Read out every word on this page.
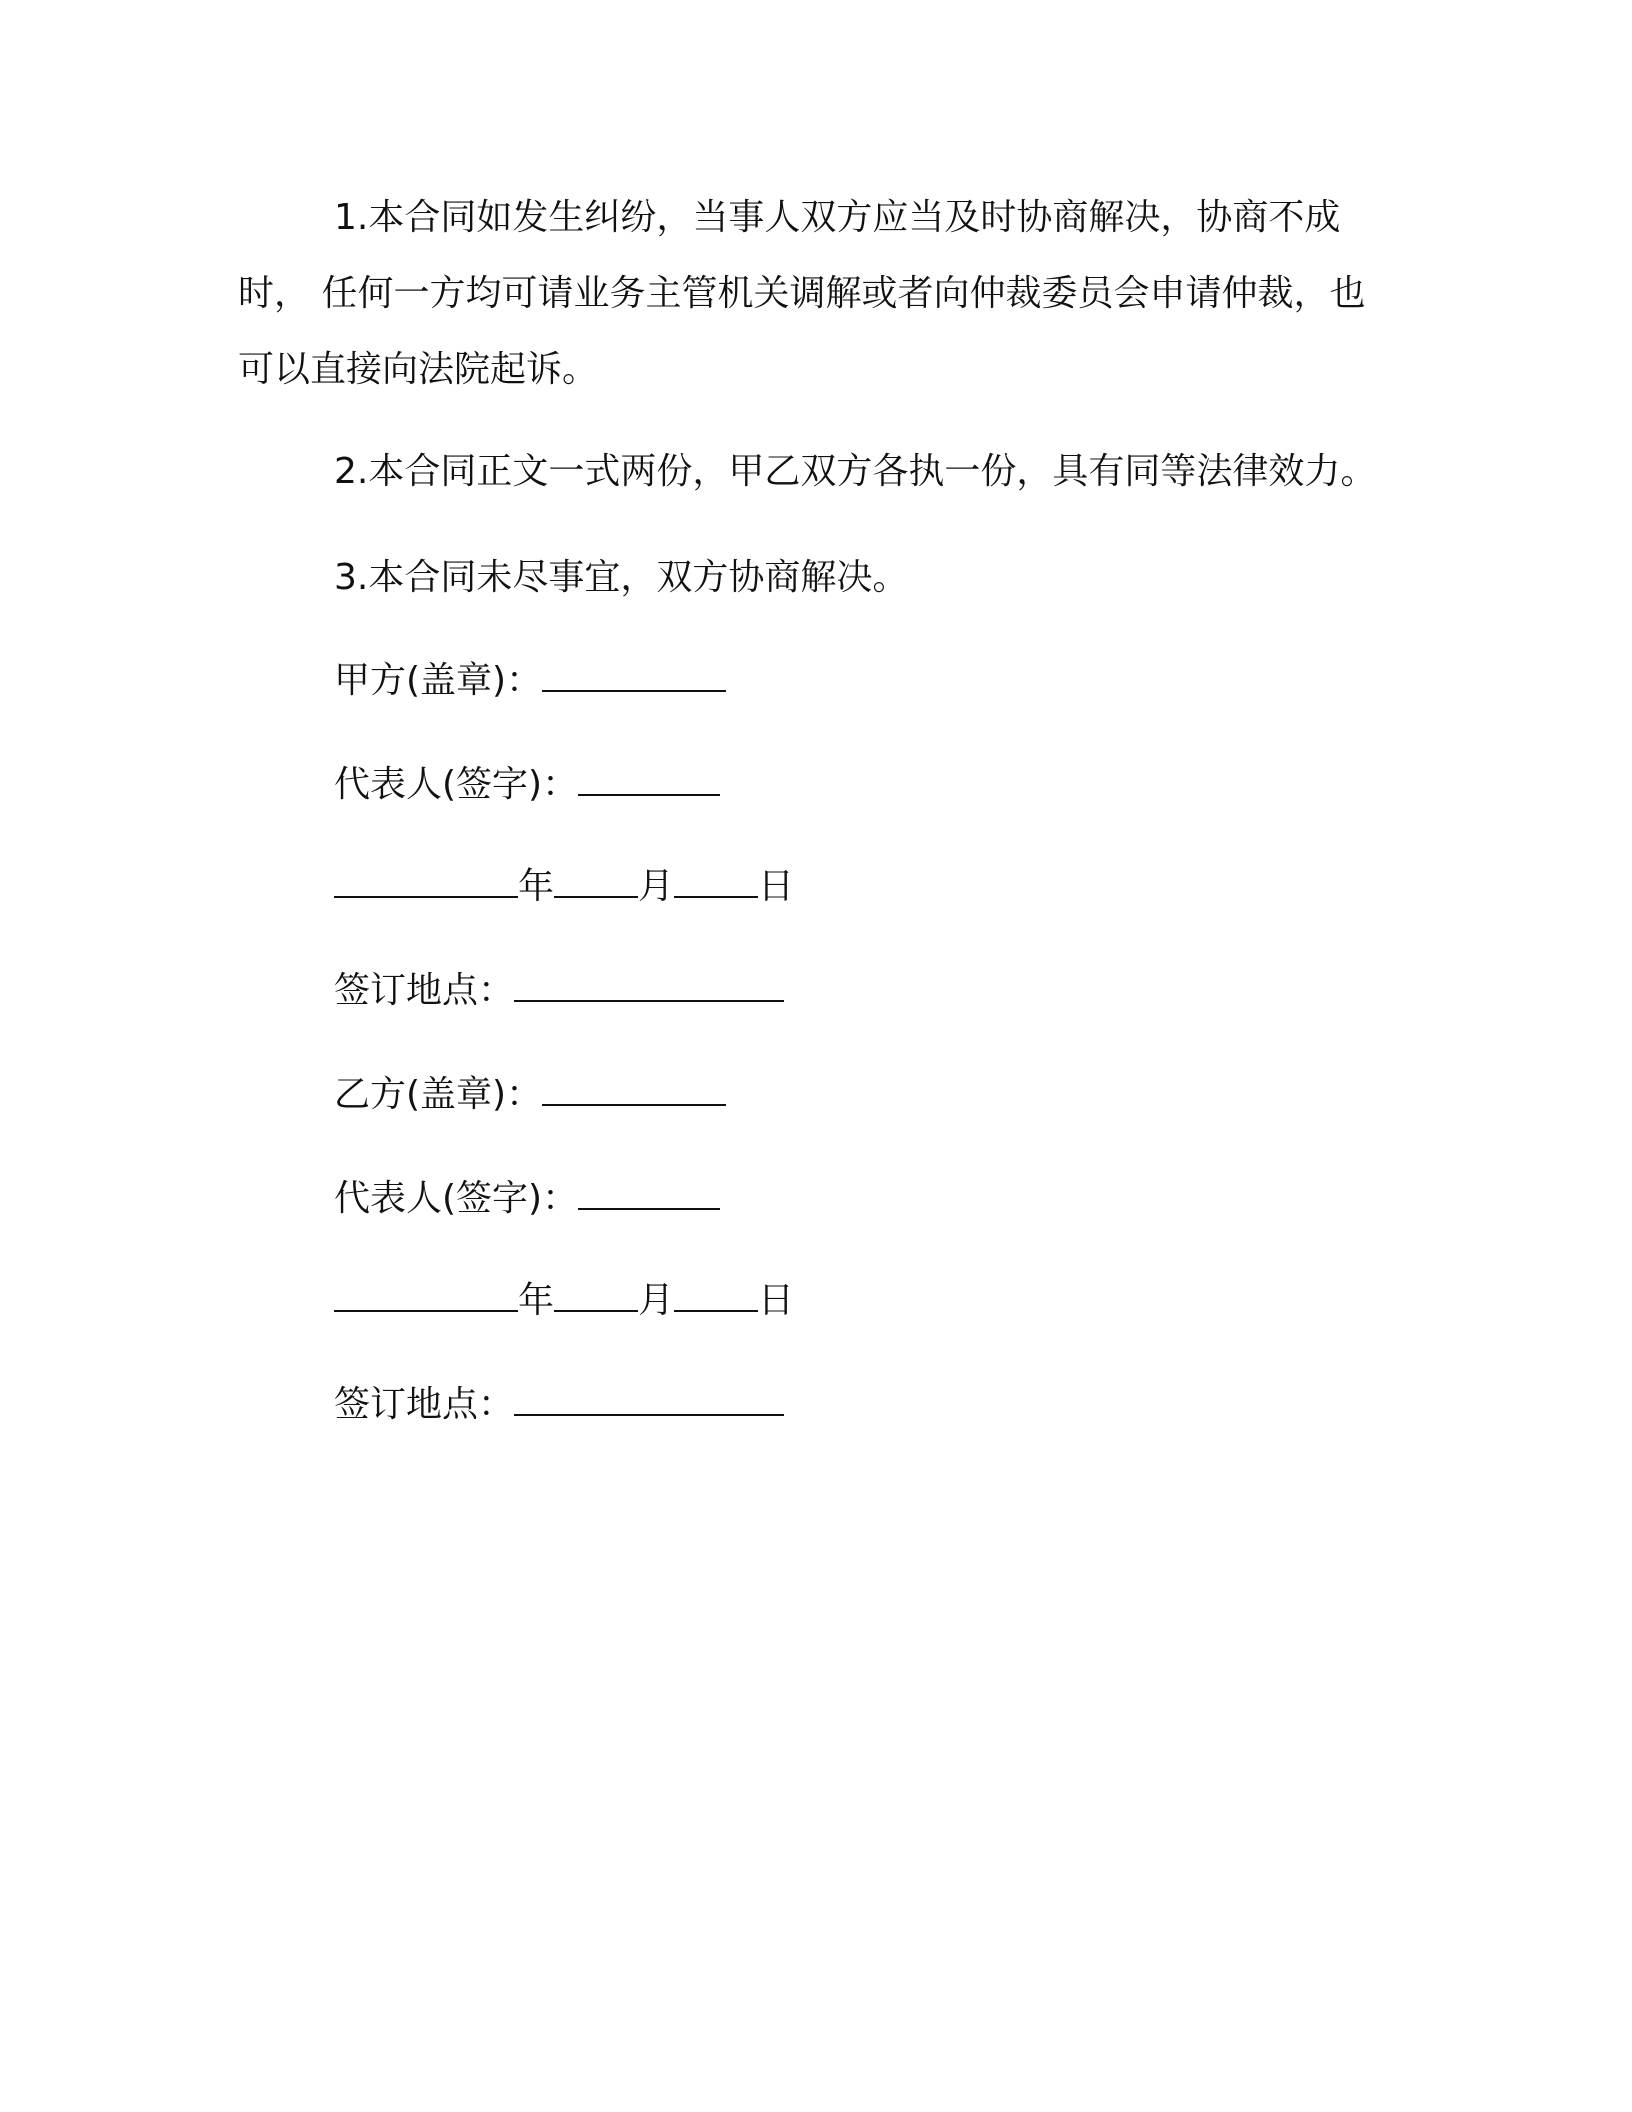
1.本合同如发生纠纷，当事人双方应当及时协商解决，协商不成时， 任何一方均可请业务主管机关调解或者向仲裁委员会申请仲裁，也可以直接向法院起诉。

2.本合同正文一式两份，甲乙双方各执一份，具有同等法律效力。

3.本合同未尽事宜，双方协商解决。

甲方(盖章)：
代表人(签字)：
年 月 日
签订地点：
乙方(盖章)：
代表人(签字)：
年 月 日
签订地点：
